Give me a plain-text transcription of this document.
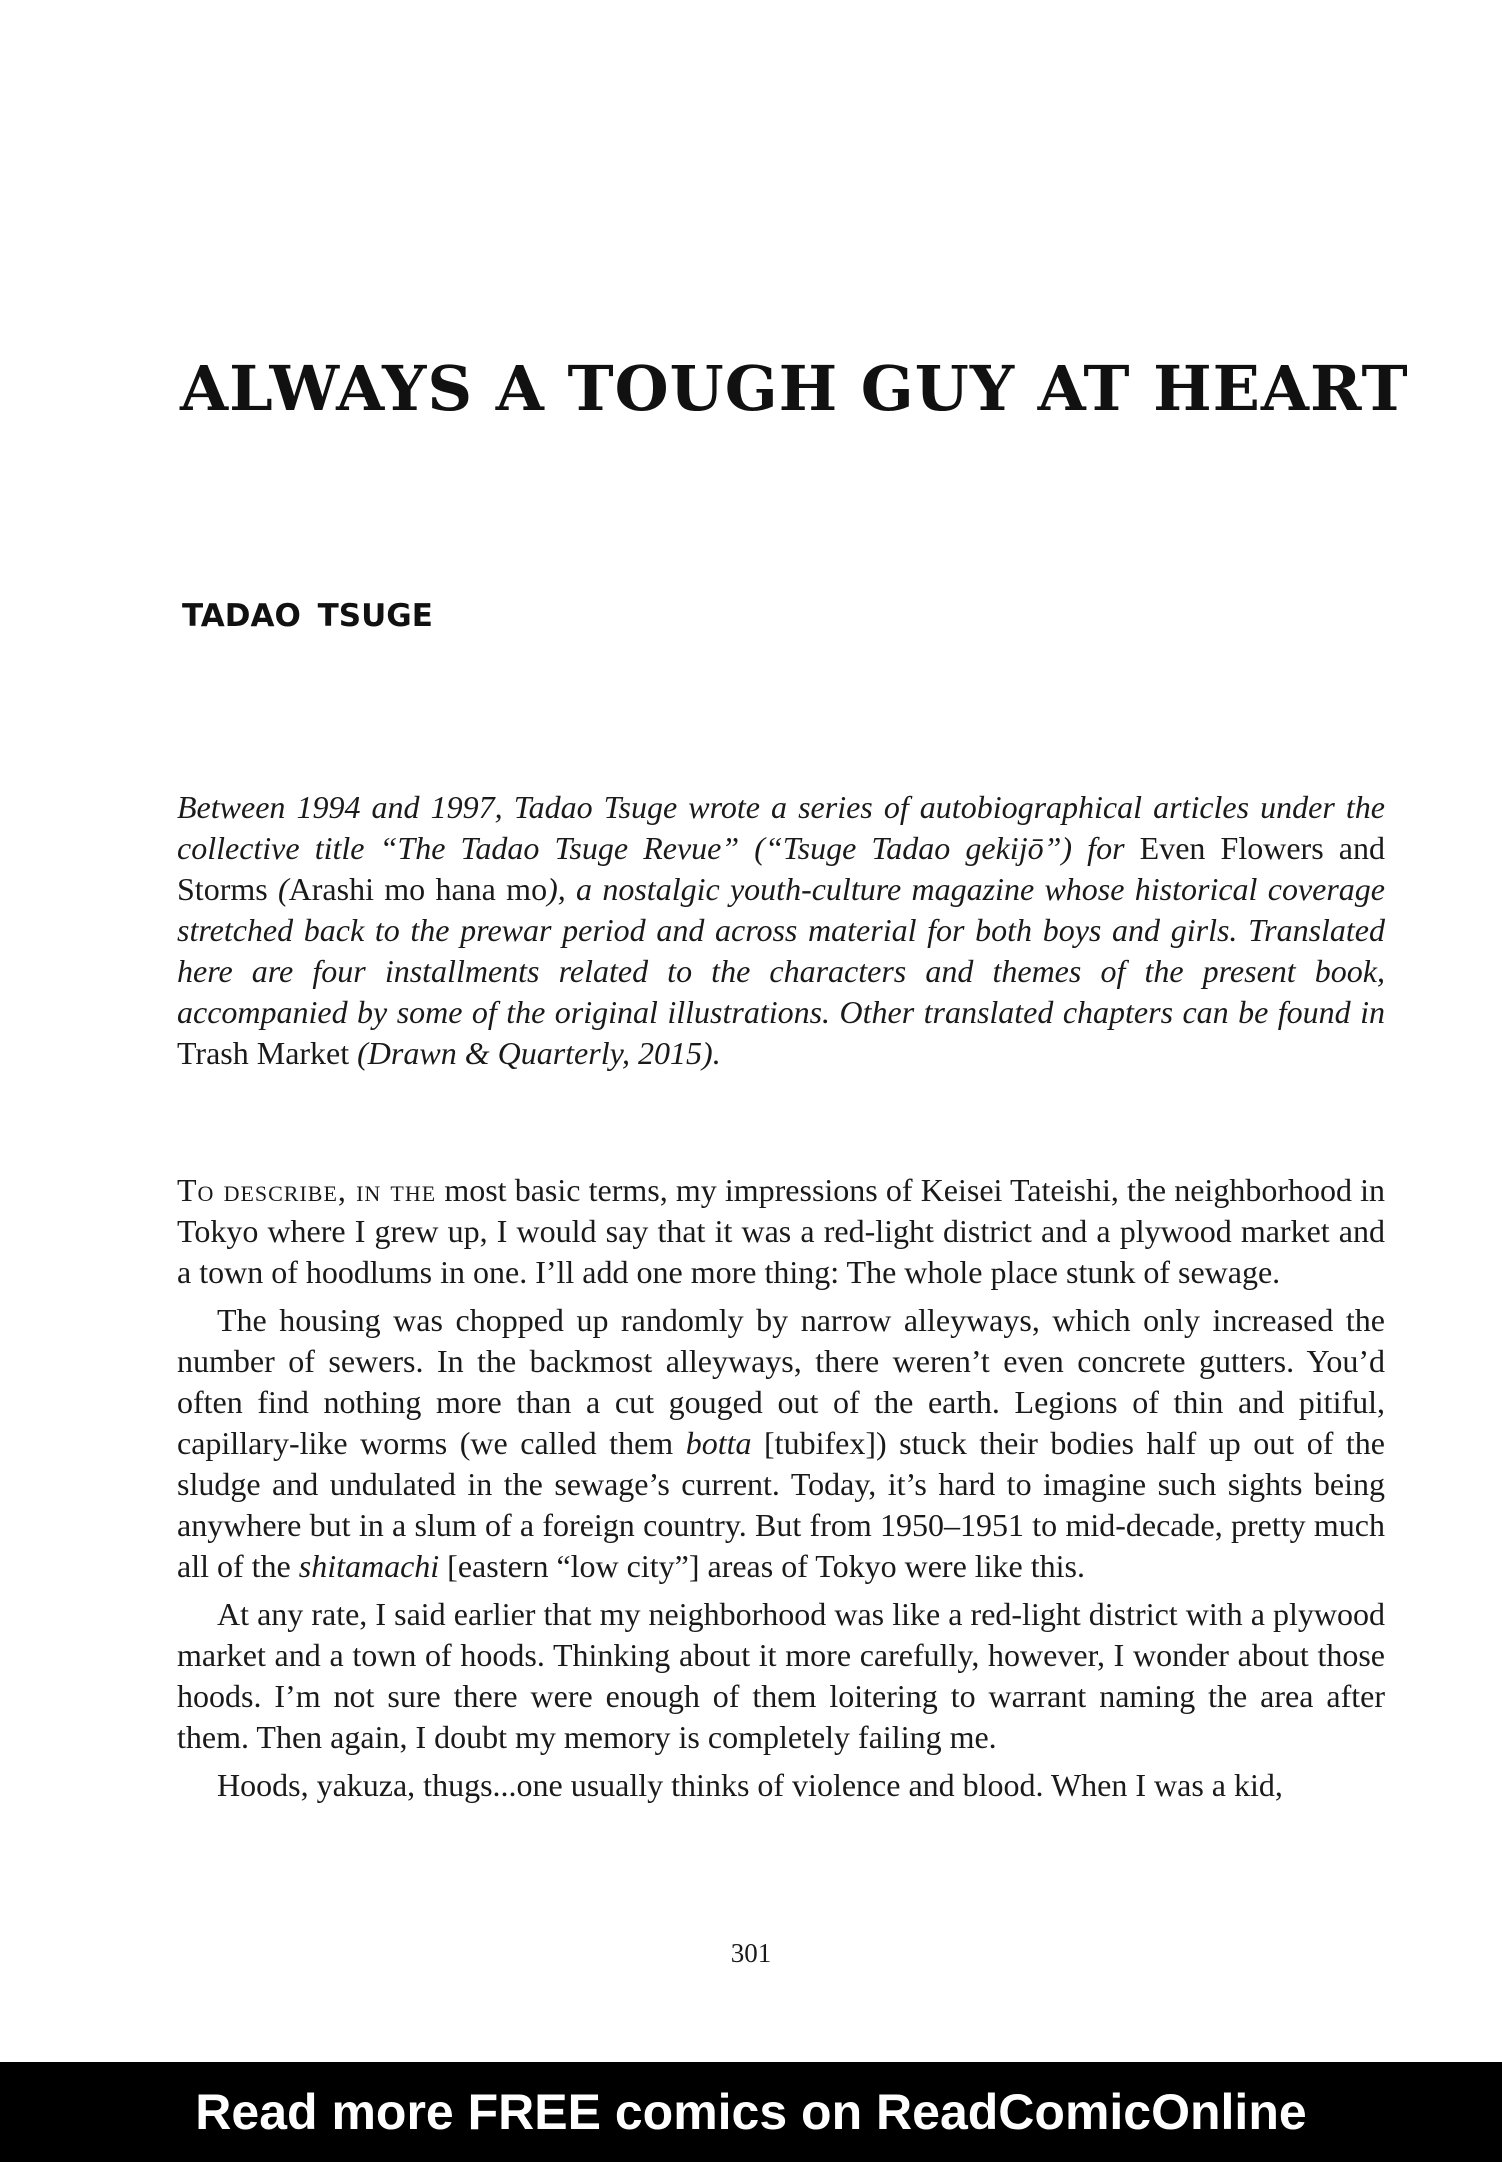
ALWAYS A TOUGH GUY AT HEART
TADAO TSUGE

Between 1994 and 1997, Tadao Tsuge wrote a series of autobiographical articles under the collective title “The Tadao Tsuge Revue” (“Tsuge Tadao gekijō”) for Even Flowers and Storms (Arashi mo hana mo), a nostalgic youth-culture magazine whose historical coverage stretched back to the prewar period and across material for both boys and girls. Translated here are four installments related to the characters and themes of the present book, accompanied by some of the original illustrations. Other translated chapters can be found in Trash Market (Drawn & Quarterly, 2015).

To describe, in the most basic terms, my impressions of Keisei Tateishi, the neighborhood in Tokyo where I grew up, I would say that it was a red-light district and a plywood market and a town of hoodlums in one. I’ll add one more thing: The whole place stunk of sewage.

The housing was chopped up randomly by narrow alleyways, which only increased the number of sewers. In the backmost alleyways, there weren’t even concrete gutters. You’d often find nothing more than a cut gouged out of the earth. Legions of thin and pitiful, capillary-like worms (we called them botta [tubifex]) stuck their bodies half up out of the sludge and undulated in the sewage’s current. Today, it’s hard to imagine such sights being anywhere but in a slum of a foreign country. But from 1950–1951 to mid-decade, pretty much all of the shitamachi [eastern “low city”] areas of Tokyo were like this.

At any rate, I said earlier that my neighborhood was like a red-light district with a plywood market and a town of hoods. Thinking about it more carefully, however, I wonder about those hoods. I’m not sure there were enough of them loitering to warrant naming the area after them. Then again, I doubt my memory is completely failing me.

Hoods, yakuza, thugs...one usually thinks of violence and blood. When I was a kid,

301
Read more FREE comics on ReadComicOnline
